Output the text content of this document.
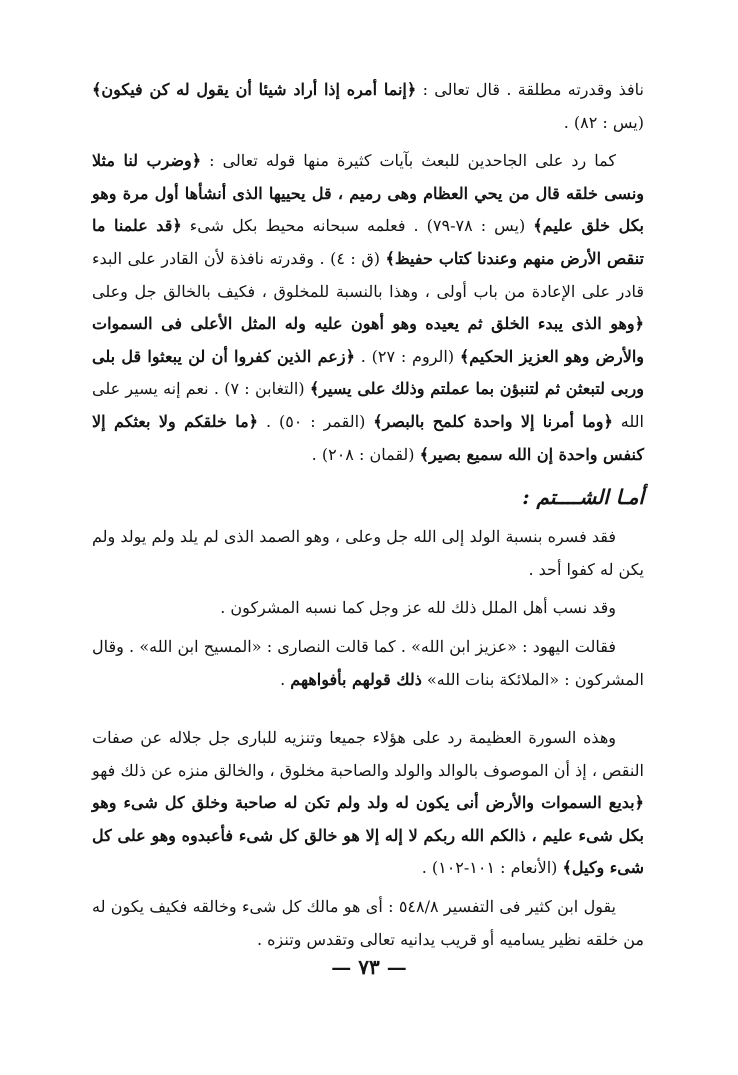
نافذ وقدرته مطلقة . قال تعالى : ﴿إنما أمره إذا أراد شيئا أن يقول له كن فيكون﴾ (يس : ٨٢) .

كما رد على الجاحدين للبعث بآيات كثيرة منها قوله تعالى : ﴿وضرب لنا مثلا ونسى خلقه قال من يحي العظام وهى رميم ، قل يحييها الذى أنشأها أول مرة وهو بكل خلق عليم﴾ (يس : ٧٨-٧٩) . فعلمه سبحانه محيط بكل شىء ﴿قد علمنا ما تنقص الأرض منهم وعندنا كتاب حفيظ﴾ (ق : ٤) . وقدرته نافذة لأن القادر على البدء قادر على الإعادة من باب أولى ، وهذا بالنسبة للمخلوق ، فكيف بالخالق جل وعلى ﴿وهو الذى يبدء الخلق ثم يعيده وهو أهون عليه وله المثل الأعلى فى السموات والأرض وهو العزيز الحكيم﴾ (الروم : ٢٧) . ﴿زعم الذين كفروا أن لن يبعثوا قل بلى وربى لتبعثن ثم لتنبؤن بما عملتم وذلك على يسير﴾ (التغابن : ٧) . نعم إنه يسير على الله ﴿وما أمرنا إلا واحدة كلمح بالبصر﴾ (القمر : ٥٠) . ﴿ما خلقكم ولا بعثكم إلا كنفس واحدة إن الله سميع بصير﴾ (لقمان : ٢٠٨) .

أمـا الشــــتم :

فقد فسره بنسبة الولد إلى الله جل وعلى ، وهو الصمد الذى لم يلد ولم يولد ولم يكن له كفوا أحد .

وقد نسب أهل الملل ذلك لله عز وجل كما نسبه المشركون .

فقالت اليهود : «عزيز ابن الله» . كما قالت النصارى : «المسيح ابن الله» . وقال المشركون : «الملائكة بنات الله» ذلك قولهم بأفواههم .

وهذه السورة العظيمة رد على هؤلاء جميعا وتنزيه للبارى جل جلاله عن صفات النقص ، إذ أن الموصوف بالوالد والولد والصاحبة مخلوق ، والخالق منزه عن ذلك فهو ﴿بديع السموات والأرض أنى يكون له ولد ولم تكن له صاحبة وخلق كل شىء وهو بكل شىء عليم ، ذالكم الله ربكم لا إله إلا هو خالق كل شىء فأعبدوه وهو على كل شىء وكيل﴾ (الأنعام : ١٠١-١٠٢) .

يقول ابن كثير فى التفسير ٥٤٨/٨ : أى هو مالك كل شىء وخالقه فكيف يكون له من خلقه نظير يساميه أو قريب يدانيه تعالى وتقدس وتنزه .

— ٧٣ —
